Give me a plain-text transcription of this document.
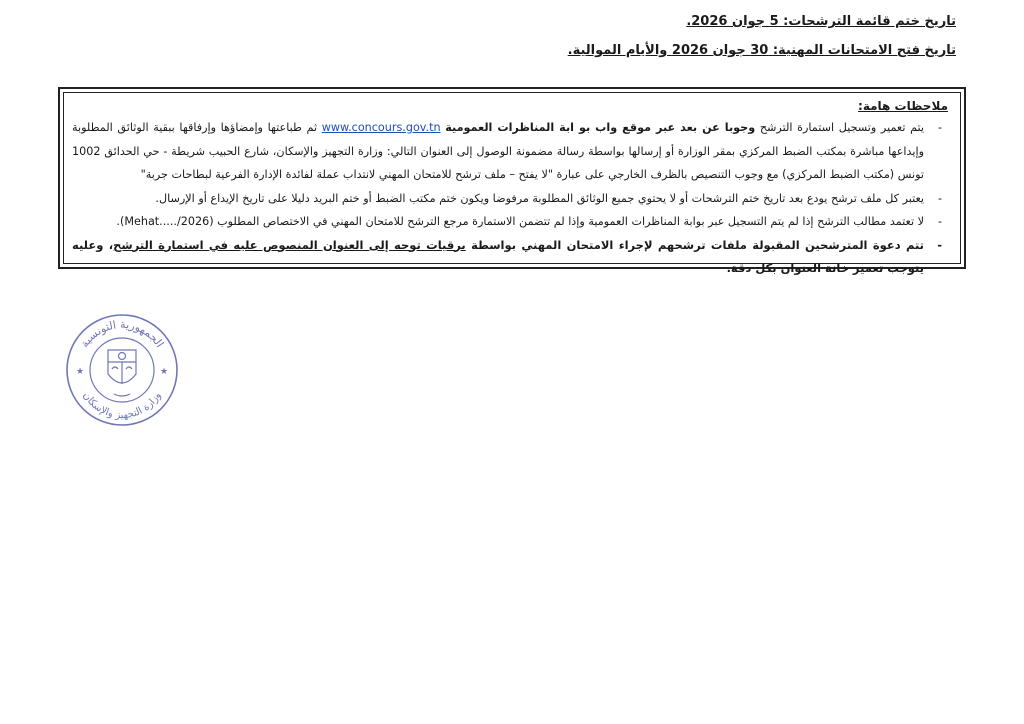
تاريخ ختم قائمة الترشحات: 5 جوان 2026.
تاريخ فتح الامتحانات المهنية: 30 جوان 2026 والأيام الموالية.
ملاحظات هامة:
-
يتم تعمير وتسجيل استمارة الترشح وجوبا عن بعد عبر موقع واب بو ابة المناظرات العمومية www.concours.gov.tn ثم طباعتها وإمضاؤها وإرفاقها ببقية الوثائق المطلوبة وإيداعها مباشرة بمكتب الضبط المركزي بمقر الوزارة أو إرسالها بواسطة رسالة مضمونة الوصول إلى العنوان التالي: وزارة التجهيز والإسكان، شارع الحبيب شريطة - حي الحدائق 1002 تونس (مكتب الضبط المركزي) مع وجوب التنصيص بالظرف الخارجي على عبارة "لا يفتح – ملف ترشح للامتحان المهني لانتداب عملة لفائدة الإدارة الفرعية لبطاحات جربة"
-
يعتبر كل ملف ترشح يودع بعد تاريخ ختم الترشحات أو لا يحتوي جميع الوثائق المطلوبة مرفوضا ويكون ختم مكتب الضبط أو ختم البريد دليلا على تاريخ الإيداع أو الإرسال.
-
لا تعتمد مطالب الترشح إذا لم يتم التسجيل عبر بوابة المناظرات العمومية وإذا لم تتضمن الاستمارة مرجع الترشح للامتحان المهني في الاختصاص المطلوب (Mehat...../2026).
-
تتم دعوة المترشحين المقبولة ملفات ترشحهم لإجراء الامتحان المهني بواسطة برقيات توجه إلى العنوان المنصوص عليه في استمارة الترشح، وعليه يتوجب تعمير خانة العنوان بكل دقة.
الجمهورية التونسية
وزارة التجهيز والإسكان
★
★
